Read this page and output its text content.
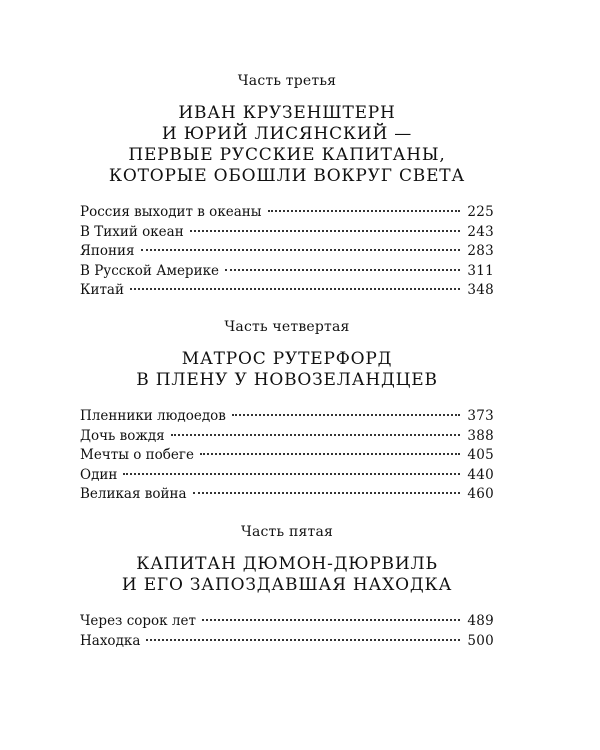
Часть третья
ИВАН КРУЗЕНШТЕРН
И ЮРИЙ ЛИСЯНСКИЙ —
ПЕРВЫЕ РУССКИЕ КАПИТАНЫ,
КОТОРЫЕ ОБОШЛИ ВОКРУГ СВЕТА
Россия выходит в океаны	225
В Тихий океан	243
Япония	283
В Русской Америке	311
Китай	348
Часть четвертая
МАТРОС РУТЕРФОРД
В ПЛЕНУ У НОВОЗЕЛАНДЦЕВ
Пленники людоедов	373
Дочь вождя	388
Мечты о побеге	405
Один	440
Великая война	460
Часть пятая
КАПИТАН ДЮМОН-ДЮРВИЛЬ
И ЕГО ЗАПОЗДАВШАЯ НАХОДКА
Через сорок лет	489
Находка	500
